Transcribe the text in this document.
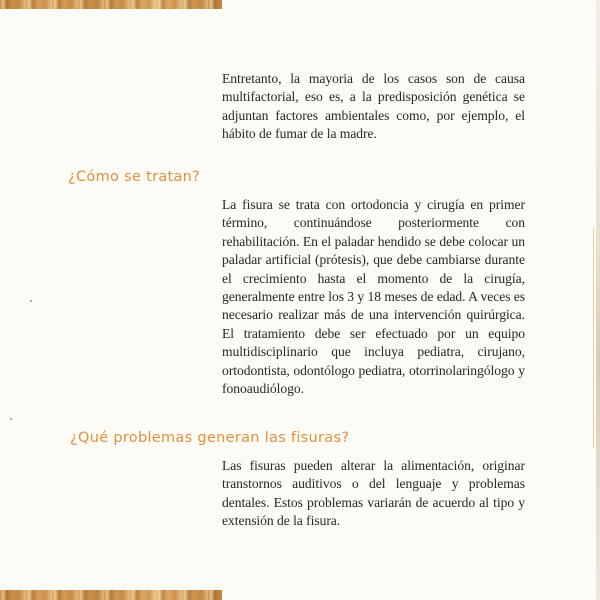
Entretanto, la mayoria de los casos son de causa multifactorial, eso es, a la predisposición genética se adjuntan factores ambientales como, por ejemplo, el hábito de fumar de la madre.

¿Cómo se tratan?

La fisura se trata con ortodoncia y cirugía en primer término, continuándose posteriormente con rehabilitación. En el paladar hendido se debe colocar un paladar artificial (prótesis), que debe cambiarse durante el crecimiento hasta el momento de la cirugía, generalmente entre los 3 y 18 meses de edad. A veces es necesario realizar más de una intervención quirúrgica. El tratamiento debe ser efectuado por un equipo multidisciplinario que incluya pediatra, cirujano, ortodontista, odontólogo pediatra, otorrinolaringólogo y fonoaudiólogo.

¿Qué problemas generan las fisuras?

Las fisuras pueden alterar la alimentación, originar transtornos auditivos o del lenguaje y problemas dentales. Estos problemas variarán de acuerdo al tipo y extensión de la fisura.
